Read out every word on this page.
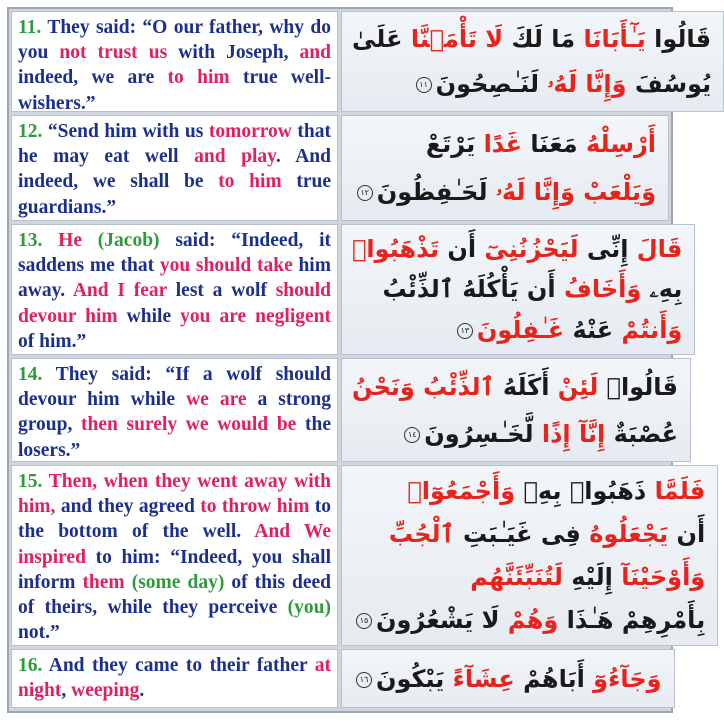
11. They said: “O our father, why do you not trust us with Joseph, and indeed, we are to him true well-wishers.”
قَالُوا يَـٰٓأَبَانَا مَا لَكَ لَا تَأْمَ۫نَّا عَلَىٰ
يُوسُفَ وَإِنَّا لَهُۥ لَنَـٰصِحُونَ١١
12. “Send him with us tomorrow that he may eat well and play. And indeed, we shall be to him true guardians.”
أَرْسِلْهُ مَعَنَا غَدًا يَرْتَعْ
وَيَلْعَبْ وَإِنَّا لَهُۥ لَحَـٰفِظُونَ١٢
13. He (Jacob) said: “Indeed, it saddens me that you should take him away. And I fear lest a wolf should devour him while you are negligent of him.”
قَالَ إِنِّى لَيَحْزُنُنِىٓ أَن تَذْهَبُوا۟
بِهِۦ وَأَخَافُ أَن يَأْكُلَهُ ٱلذِّئْبُ
وَأَنتُمْ عَنْهُ غَـٰفِلُونَ١٣
14. They said: “If a wolf should devour him while we are a strong group, then surely we would be the losers.”
قَالُوا۟ لَئِنْ أَكَلَهُ ٱلذِّئْبُ وَنَحْنُ
عُصْبَةٌ إِنَّآ إِذًا لَّخَـٰسِرُونَ١٤
15. Then, when they went away with him, and they agreed to throw him to the bottom of the well. And We inspired to him: “Indeed, you shall inform them (some day) of this deed of theirs, while they perceive (you) not.”
فَلَمَّا ذَهَبُوا۟ بِهِۦ وَأَجْمَعُوٓا۟
أَن يَجْعَلُوهُ فِى غَيَـٰبَتِ ٱلْجُبِّ
وَأَوْحَيْنَآ إِلَيْهِ لَتُنَبِّئَنَّهُم
بِأَمْرِهِمْ هَـٰذَا وَهُمْ لَا يَشْعُرُونَ١٥
16. And they came to their father at night, weeping.	وَجَآءُوٓ أَبَاهُمْ عِشَآءً يَبْكُونَ١٦
